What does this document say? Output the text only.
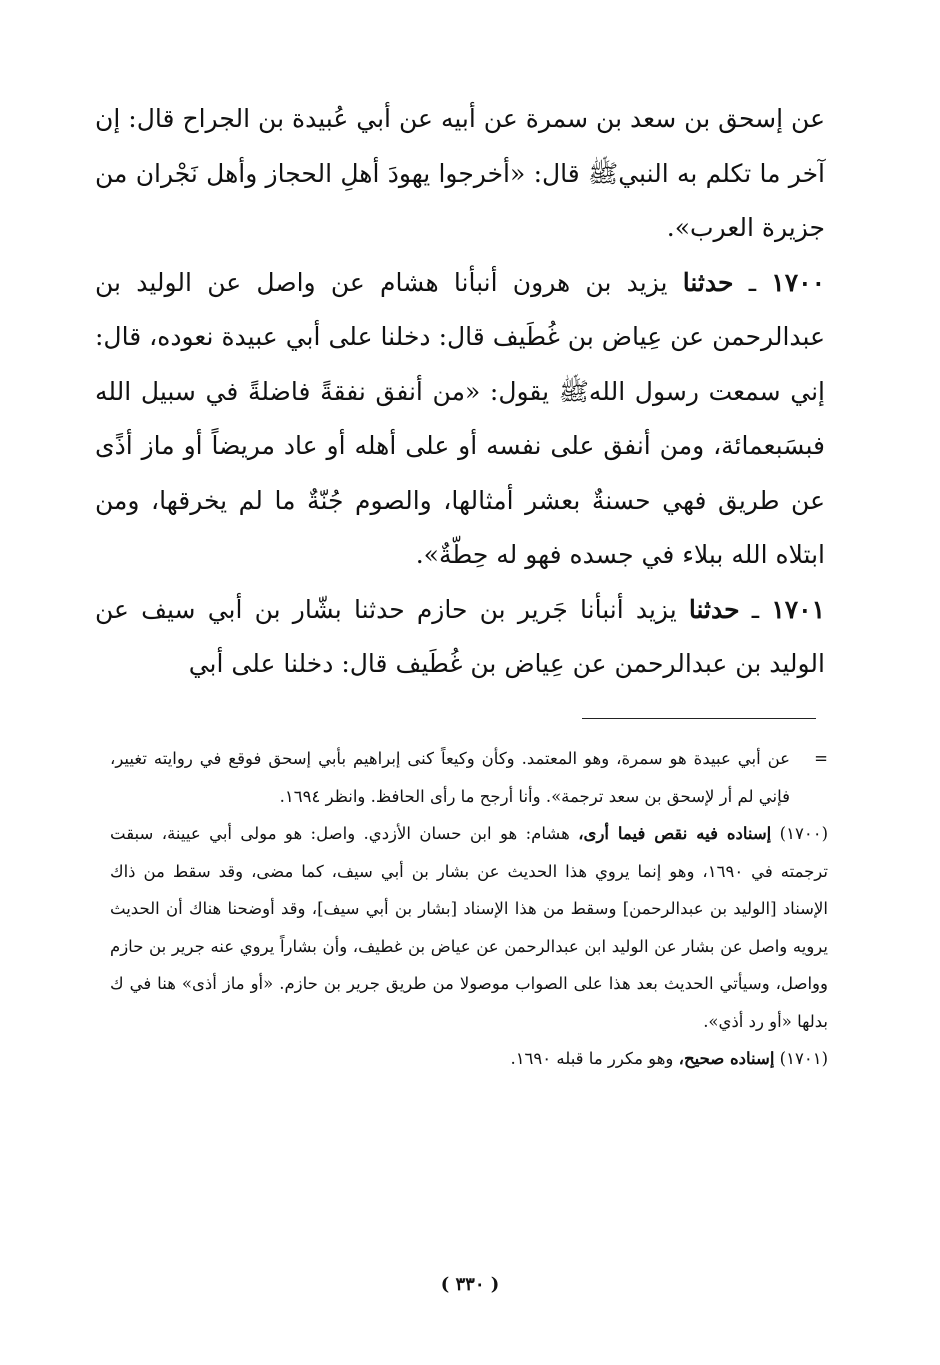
عن إسحق بن سعد بن سمرة عن أبيه عن أبي عُبيدة بن الجراح قال: إن آخر ما تكلم به النبيﷺ قال: «أخرجوا يهودَ أهلِ الحجاز وأهل نَجْران من جزيرة العرب».

١٧٠٠ ـ حدثنا يزيد بن هرون أنبأنا هشام عن واصل عن الوليد بن عبدالرحمن عن عِياض بن غُطَيف قال: دخلنا على أبي عبيدة نعوده، قال: إني سمعت رسول اللهﷺ يقول: «من أنفق نفقةً فاضلةً في سبيل الله فبسَبعمائة، ومن أنفق على نفسه أو على أهله أو عاد مريضاً أو ماز أذًى عن طريق فهي حسنةٌ بعشر أمثالها، والصوم جُنّةٌ ما لم يخرقها، ومن ابتلاه الله ببلاء في جسده فهو له حِطّةٌ».

١٧٠١ ـ حدثنا يزيد أنبأنا جَرير بن حازم حدثنا بشّار بن أبي سيف عن الوليد بن عبدالرحمن عن عِياض بن غُطَيف قال: دخلنا على أبي

=
عن أبي عبيدة هو سمرة، وهو المعتمد. وكأن وكيعاً كنى إبراهيم بأبي إسحق فوقع في روايته تغيير، فإني لم أر لإسحق بن سعد ترجمة». وأنا أرجح ما رأى الحافظ. وانظر ١٦٩٤.

(١٧٠٠) إسناده فيه نقص فيما أرى، هشام: هو ابن حسان الأزدي. واصل: هو مولى أبي عيينة، سبقت ترجمته في ١٦٩٠، وهو إنما يروي هذا الحديث عن بشار بن أبي سيف، كما مضى، وقد سقط من ذاك الإسناد [الوليد بن عبدالرحمن] وسقط من هذا الإسناد [بشار بن أبي سيف]، وقد أوضحنا هناك أن الحديث يرويه واصل عن بشار عن الوليد ابن عبدالرحمن عن عياض بن غطيف، وأن بشاراً يروي عنه جرير بن حازم وواصل، وسيأتي الحديث بعد هذا على الصواب موصولا من طريق جرير بن حازم. «أو ماز أذى» هنا في ك بدلها «أو رد أذي».

(١٧٠١) إسناده صحيح، وهو مكرر ما قبله ١٦٩٠.

( ٣٣٠ )
